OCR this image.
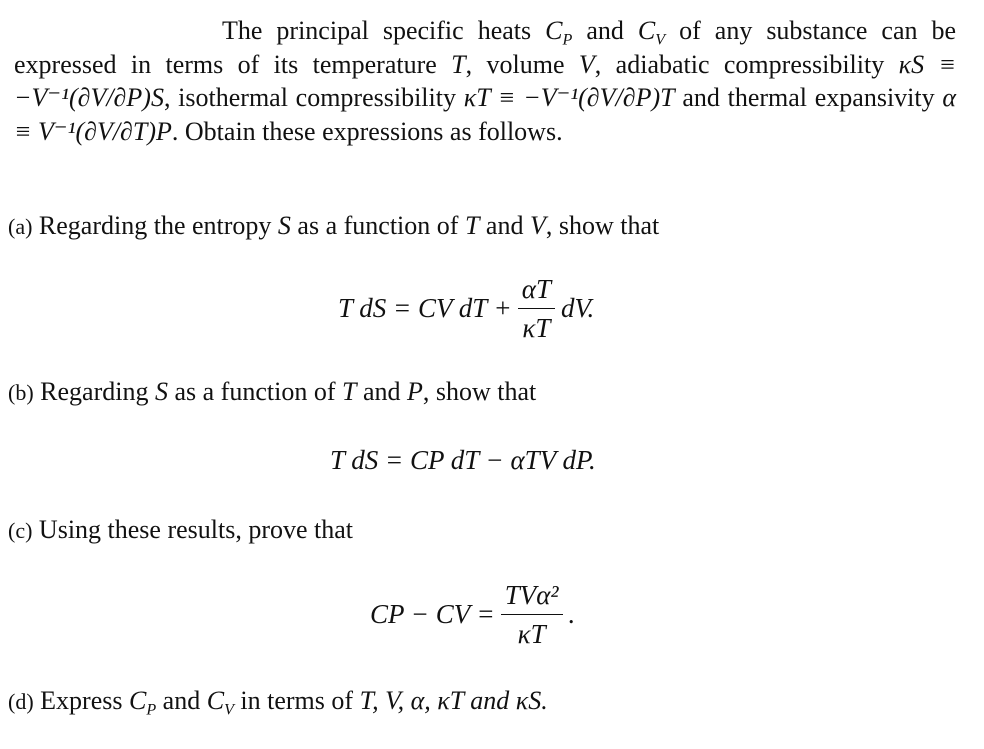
The principal specific heats $C_P$ and $C_V$ of any substance can be expressed in terms of its temperature T, volume V, adiabatic compressibility κS ≡ −V⁻¹(∂V/∂P)S, isothermal compressibility κT ≡ −V⁻¹(∂V/∂P)T and thermal expansivity α ≡ V⁻¹(∂V/∂T)P. Obtain these expressions as follows.
(a) Regarding the entropy S as a function of T and V, show that
T dS = CV dT + $\frac{\alpha T}{\kappa T}$ dV.
(b) Regarding S as a function of T and P, show that
T dS = CP dT − αTV dP.
(c) Using these results, prove that
CP − CV = $\frac{\text{TVα²}}{\kappa T}$ .
(d) Express $C_P$ and $C_V$ in terms of T, V, α, κT and κS.
